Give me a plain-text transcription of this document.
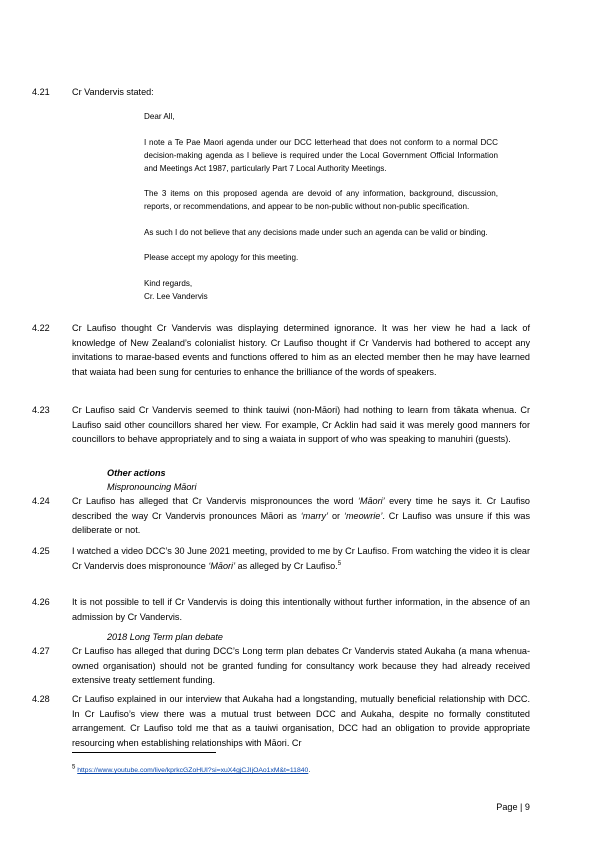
4.21 Cr Vandervis stated:

Dear All,

I note a Te Pae Maori agenda under our DCC letterhead that does not conform to a normal DCC decision-making agenda as I believe is required under the Local Government Official Information and Meetings Act 1987, particularly Part 7 Local Authority Meetings.

The 3 items on this proposed agenda are devoid of any information, background, discussion, reports, or recommendations, and appear to be non-public without non-public specification.

As such I do not believe that any decisions made under such an agenda can be valid or binding.

Please accept my apology for this meeting.

Kind regards,

Cr. Lee Vandervis

4.22 Cr Laufiso thought Cr Vandervis was displaying determined ignorance. It was her view he had a lack of knowledge of New Zealand’s colonialist history. Cr Laufiso thought if Cr Vandervis had bothered to accept any invitations to marae-based events and functions offered to him as an elected member then he may have learned that waiata had been sung for centuries to enhance the brilliance of the words of speakers.
4.23 Cr Laufiso said Cr Vandervis seemed to think tauiwi (non-Māori) had nothing to learn from tākata whenua. Cr Laufiso said other councillors shared her view. For example, Cr Acklin had said it was merely good manners for councillors to behave appropriately and to sing a waiata in support of who was speaking to manuhiri (guests).
Other actions
Mispronouncing Māori
4.24 Cr Laufiso has alleged that Cr Vandervis mispronounces the word ‘Māori’ every time he says it. Cr Laufiso described the way Cr Vandervis pronounces Māori as ‘marry’ or ‘meowrie’. Cr Laufiso was unsure if this was deliberate or not.
4.25 I watched a video DCC’s 30 June 2021 meeting, provided to me by Cr Laufiso. From watching the video it is clear Cr Vandervis does mispronounce ‘Māori’ as alleged by Cr Laufiso.$^5$
4.26 It is not possible to tell if Cr Vandervis is doing this intentionally without further information, in the absence of an admission by Cr Vandervis.
2018 Long Term plan debate
4.27 Cr Laufiso has alleged that during DCC’s Long term plan debates Cr Vandervis stated Aukaha (a mana whenua-owned organisation) should not be granted funding for consultancy work because they had already received extensive treaty settlement funding.
4.28 Cr Laufiso explained in our interview that Aukaha had a longstanding, mutually beneficial relationship with DCC. In Cr Laufiso’s view there was a mutual trust between DCC and Aukaha, despite no formally constituted arrangement. Cr Laufiso told me that as a tauiwi organisation, DCC had an obligation to provide appropriate resourcing when establishing relationships with Māori. Cr
$^5$ https://www.youtube.com/live/kprkcGZoHUI?si=xuX4gjCJIjOAo1xM&t=11840.
Page | 9
